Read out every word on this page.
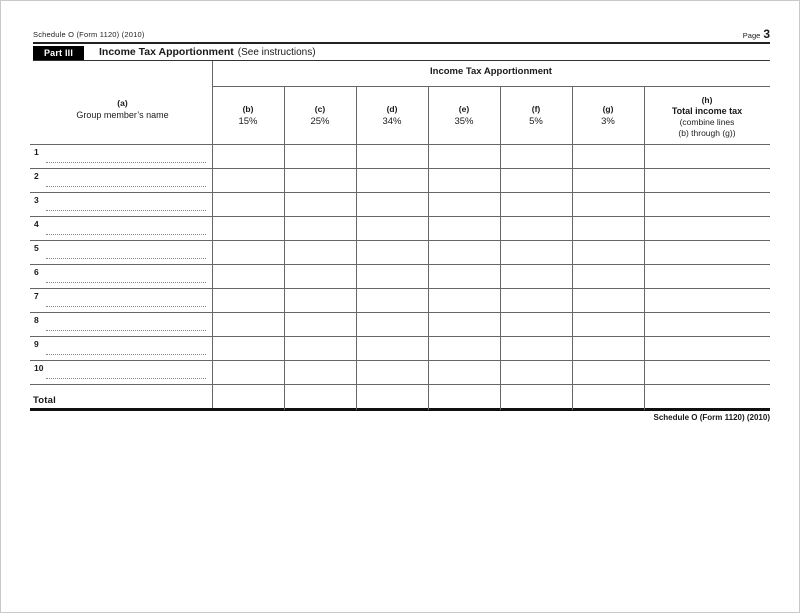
Schedule O (Form 1120) (2010)	Page 3
Part III	Income Tax Apportionment (See instructions)
Income Tax Apportionment
(a)
Group member’s name
(b)
15%
(c)
25%
(d)
34%
(e)
35%
(f)
5%
(g)
3%
(h)
Total income tax
(combine lines
(b) through (g))
1
2
3
4
5
6
7
8
9
10
Total
Schedule O (Form 1120) (2010)
